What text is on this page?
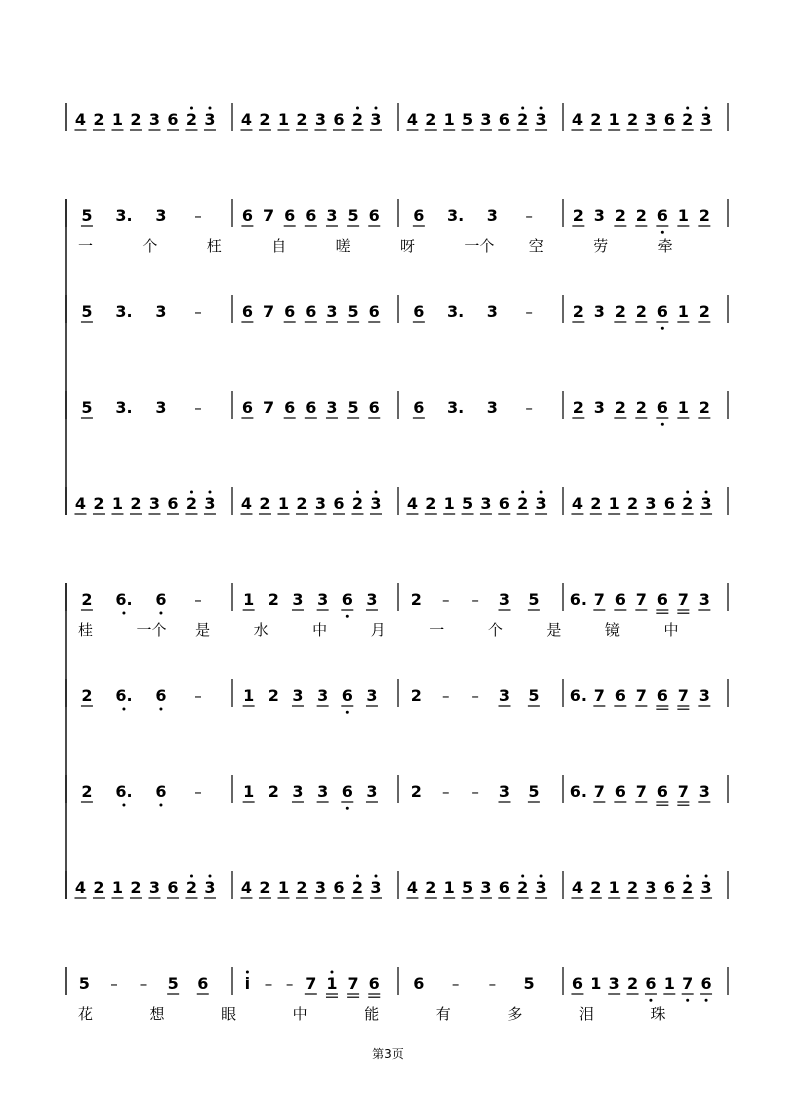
4 2 1 2 3 6 2 3 4 2 1 2 3 6 2 3 4 2 1 5 3 6 2 3 4 2 1 2 3 6 2 3
5 3. 3 –	6 7 6 6 3 5 6 6 3. 3 – 2 3 2 2 6 1 2
一	个	枉	自	嗟	呀	一个 空	劳	牵
5 3. 3 –	6 7 6 6 3 5 6 6 3. 3 – 2 3 2 2 6 1 2
5 3. 3 –	6 7 6 6 3 5 6 6 3. 3 – 2 3 2 2 6 1 2
4 2 1 2 3 6 2 3 4 2 1 2 3 6 2 3 4 2 1 5 3 6 2 3 4 2 1 2 3 6 2 3
2 6. 6 –	1 2 3 3 6 3 2 – – 3 5 6. 7 6 7 6 7 3
桂	一个 是	水	中	月	一	个	是	镜	中
2 6. 6 –	1 2 3 3 6 3 2 – – 3 5 6. 7 6 7 6 7 3
2 6. 6 –	1 2 3 3 6 3 2 – – 3 5 6. 7 6 7 6 7 3
4 2 1 2 3 6 2 3 4 2 1 2 3 6 2 3 4 2 1 5 3 6 2 3 4 2 1 2 3 6 2 3
5 – – 5 6 i – – 7 1 7 6 6 – – 5 6 1 3 2 6 1 7 6
花	想	眼	中	能	有	多	泪	珠
第3页
